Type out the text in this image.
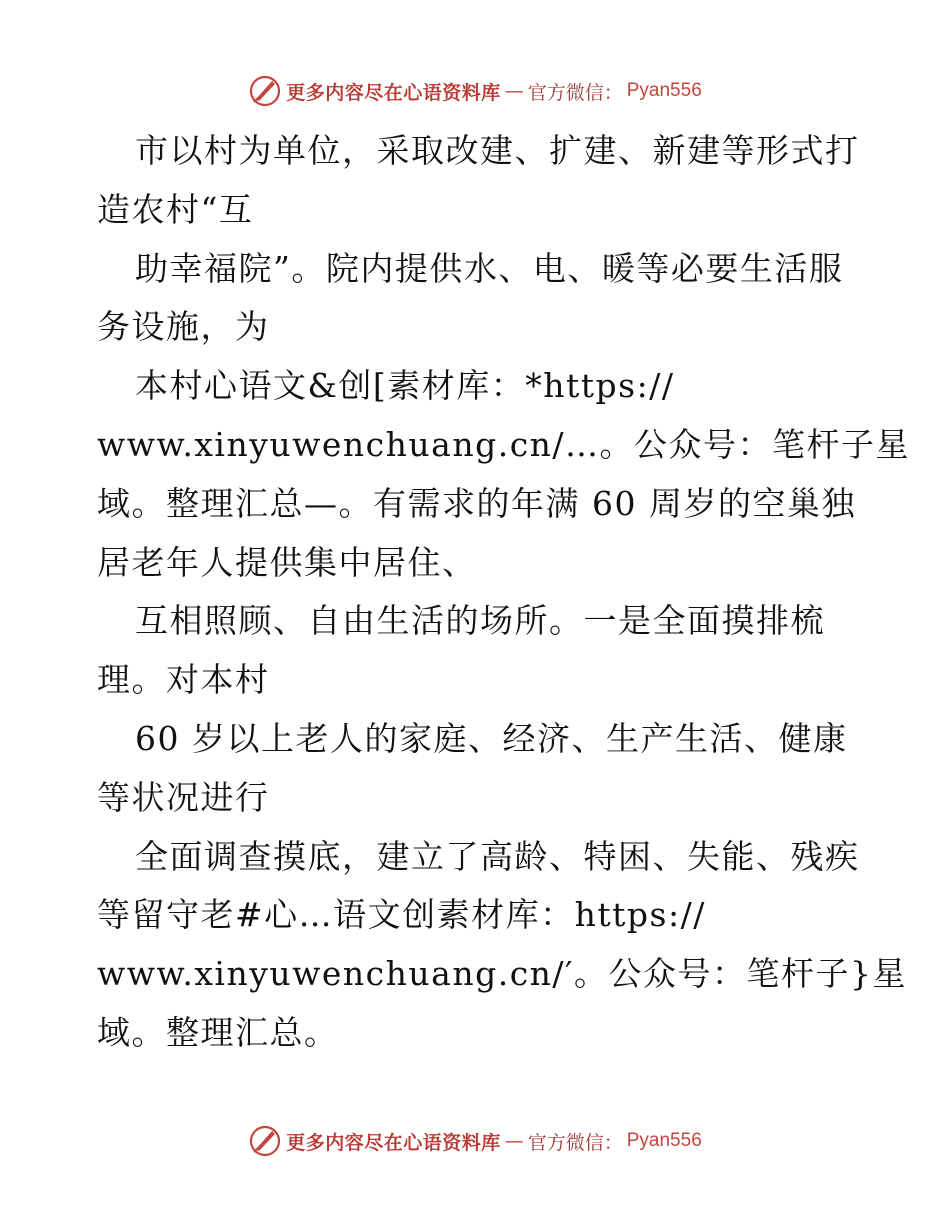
更多内容尽在心语资料库 — 官方微信： Pyan556
市以村为单位，采取改建、扩建、新建等形式打
造农村“互
助幸福院”。院内提供水、电、暖等必要生活服
务设施，为
本村心语文&创[素材库：*https://
www.xinyuwenchuang.cn/…。公众号：笔杆子星
域。整理汇总—。有需求的年满 60 周岁的空巢独
居老年人提供集中居住、
互相照顾、自由生活的场所。一是全面摸排梳
理。对本村
60 岁以上老人的家庭、经济、生产生活、健康
等状况进行
全面调查摸底，建立了高龄、特困、失能、残疾
等留守老#心…语文创素材库：https://
www.xinyuwenchuang.cn/′。公众号：笔杆子}星
域。整理汇总。
更多内容尽在心语资料库 — 官方微信： Pyan556
